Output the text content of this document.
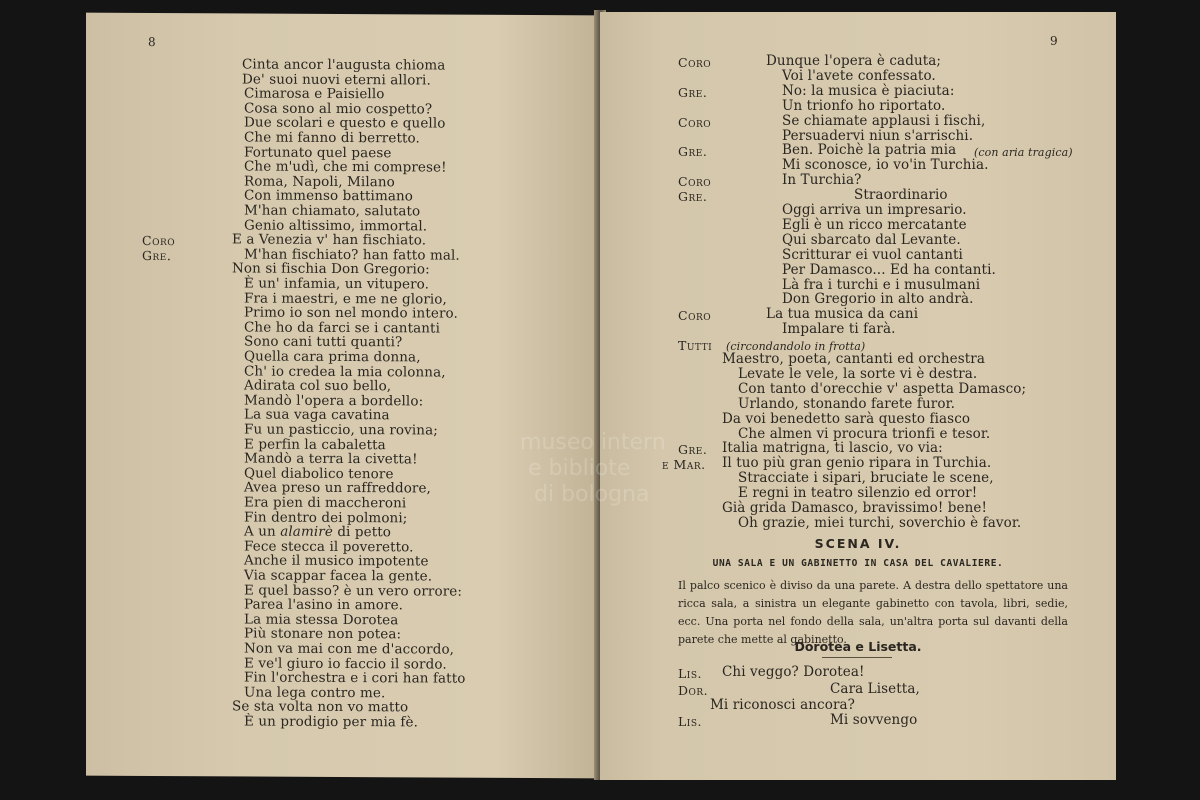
8
Cinta ancor l'augusta chioma
De' suoi nuovi eterni allori.
Cimarosa e Paisiello
Cosa sono al mio cospetto?
Due scolari e questo e quello
Che mi fanno di berretto.
Fortunato quel paese
Che m'udì, che mi comprese!
Roma, Napoli, Milano
Con immenso battimano
M'han chiamato, salutato
Genio altissimo, immortal.
Coro	E a Venezia v' han fischiato.
Gre.	M'han fischiato? han fatto mal.
Non si fischia Don Gregorio:
È un' infamia, un vitupero.
Fra i maestri, e me ne glorio,
Primo io son nel mondo intero.
Che ho da farci se i cantanti
Sono cani tutti quanti?
Quella cara prima donna,
Ch' io credea la mia colonna,
Adirata col suo bello,
Mandò l'opera a bordello:
La sua vaga cavatina
Fu un pasticcio, una rovina;
E perfin la cabaletta
Mandò a terra la civetta!
Quel diabolico tenore
Avea preso un raffreddore,
Era pien di maccheroni
Fin dentro dei polmoni;
A un alamirè di petto
Fece stecca il poveretto.
Anche il musico impotente
Via scappar facea la gente.
E quel basso? è un vero orrore:
Parea l'asino in amore.
La mia stessa Dorotea
Più stonare non potea:
Non va mai con me d'accordo,
E ve'l giuro io faccio il sordo.
Fin l'orchestra e i cori han fatto
Una lega contro me.
Se sta volta non vo matto
È un prodigio per mia fè.
9
Coro	Dunque l'opera è caduta;
Voi l'avete confessato.
Gre.	No: la musica è piaciuta:
Un trionfo ho riportato.
Coro	Se chiamate applausi i fischi,
Persuadervi niun s'arrischi.
Gre.	Ben. Poichè la patria mia (con aria tragica)
Mi sconosce, io vo'in Turchia.
Coro	In Turchia?
Gre.	Straordinario
Oggi arriva un impresario.
Egli è un ricco mercatante
Qui sbarcato dal Levante.
Scritturar ei vuol cantanti
Per Damasco... Ed ha contanti.
Là fra i turchi e i musulmani
Don Gregorio in alto andrà.
Coro	La tua musica da cani
Impalare ti farà.
Tutti (circondandolo in frotta)
Maestro, poeta, cantanti ed orchestra
Levate le vele, la sorte vi è destra.
Con tanto d'orecchie v' aspetta Damasco;
Urlando, stonando farete furor.
Da voi benedetto sarà questo fiasco
Che almen vi procura trionfi e tesor.
Gre. Italia matrigna, ti lascio, vo via:
e Mar. Il tuo più gran genio ripara in Turchia.
Stracciate i sipari, bruciate le scene,
E regni in teatro silenzio ed orror!
Già grida Damasco, bravissimo! bene!
Oh grazie, miei turchi, soverchio è favor.
SCENA IV.
UNA SALA E UN GABINETTO IN CASA DEL CAVALIERE.
Il palco scenico è diviso da una parete. A destra dello spettatore una ricca sala, a sinistra un elegante gabinetto con tavola, libri, sedie, ecc. Una porta nel fondo della sala, un'altra porta sul davanti della parete che mette al gabinetto.
Dorotea e Lisetta.
Lis. Chi veggo? Dorotea!
Dor.	Cara Lisetta,
Mi riconosci ancora?
Lis.	Mi sovvengo
museo intern
e bibliote
di bologna
